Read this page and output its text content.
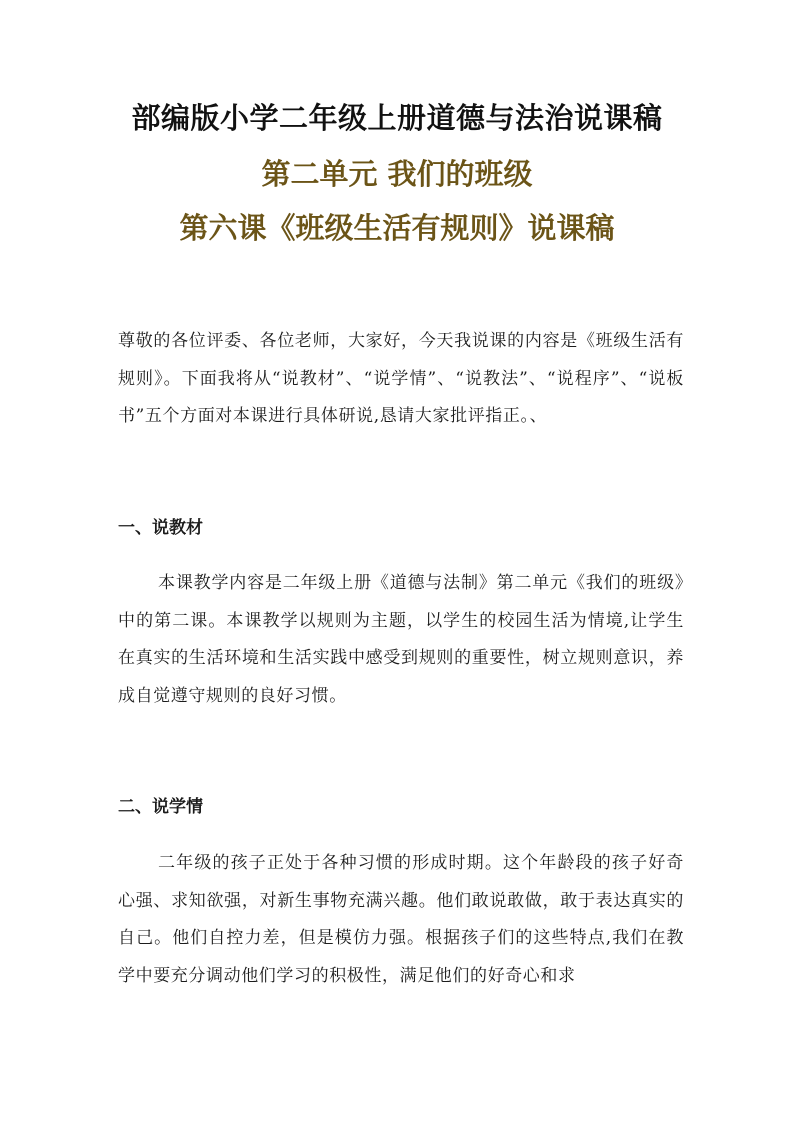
部编版小学二年级上册道德与法治说课稿
第二单元 我们的班级
第六课《班级生活有规则》说课稿
尊敬的各位评委、各位老师，大家好，今天我说课的内容是《班级生活有规则》。下面我将从“说教材”、“说学情”、“说教法”、“说程序”、“说板书”五个方面对本课进行具体研说,恳请大家批评指正。、
一、说教材
本课教学内容是二年级上册《道德与法制》第二单元《我们的班级》中的第二课。本课教学以规则为主题，以学生的校园生活为情境,让学生在真实的生活环境和生活实践中感受到规则的重要性，树立规则意识，养成自觉遵守规则的良好习惯。
二、说学情
二年级的孩子正处于各种习惯的形成时期。这个年龄段的孩子好奇心强、求知欲强，对新生事物充满兴趣。他们敢说敢做，敢于表达真实的自己。他们自控力差，但是模仿力强。根据孩子们的这些特点,我们在教学中要充分调动他们学习的积极性，满足他们的好奇心和求
